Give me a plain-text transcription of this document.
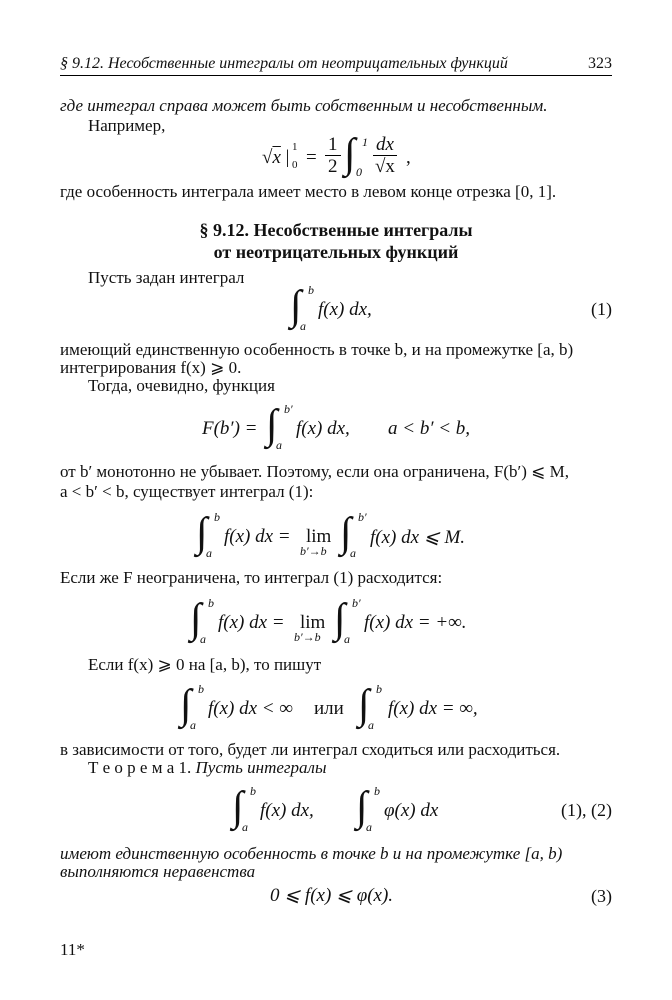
§ 9.12. Несобственные интегралы от неотрицательных функций	323
где интеграл справа может быть собственным и несобственным.
Например,
√x | 1
$0 = \frac{1}{2}$ ∫ 1
$0 \frac{dx}{√x}$ ,
где особенность интеграла имеет место в левом конце отрезка [0, 1].
§ 9.12. Несобственные интегралы
от неотрицательных функций
Пусть задан интеграл
∫ b
a
f(x) dx,	(1)
имеющий единственную особенность в точке b, и на промежутке [a, b)
интегрирования f(x) ⩾ 0.
Тогда, очевидно, функция
F(b′) = ∫ b′
a
f(x) dx, a < b′ < b,
от b′ монотонно не убывает. Поэтому, если она ограничена, F(b′) ⩽ M,
a < b′ < b, существует интеграл (1):
∫ b
a
f(x) dx = lim
b′→b ∫ b′
a
f(x) dx ⩽ M.
Если же F неограничена, то интеграл (1) расходится:
∫ b
a
f(x) dx = lim
b′→b ∫ b′
a
f(x) dx = +∞.
Если f(x) ⩾ 0 на [a, b), то пишут
∫ b
a
f(x) dx < ∞ или ∫ b
a
f(x) dx = ∞,
в зависимости от того, будет ли интеграл сходиться или расходиться.
Т е о р е м а 1. Пусть интегралы
∫ b
a
f(x) dx, ∫ b
a
φ(x) dx	(1), (2)
имеют единственную особенность в точке b и на промежутке [a, b)
выполняются неравенства
0 ⩽ f(x) ⩽ φ(x).	(3)
11*
